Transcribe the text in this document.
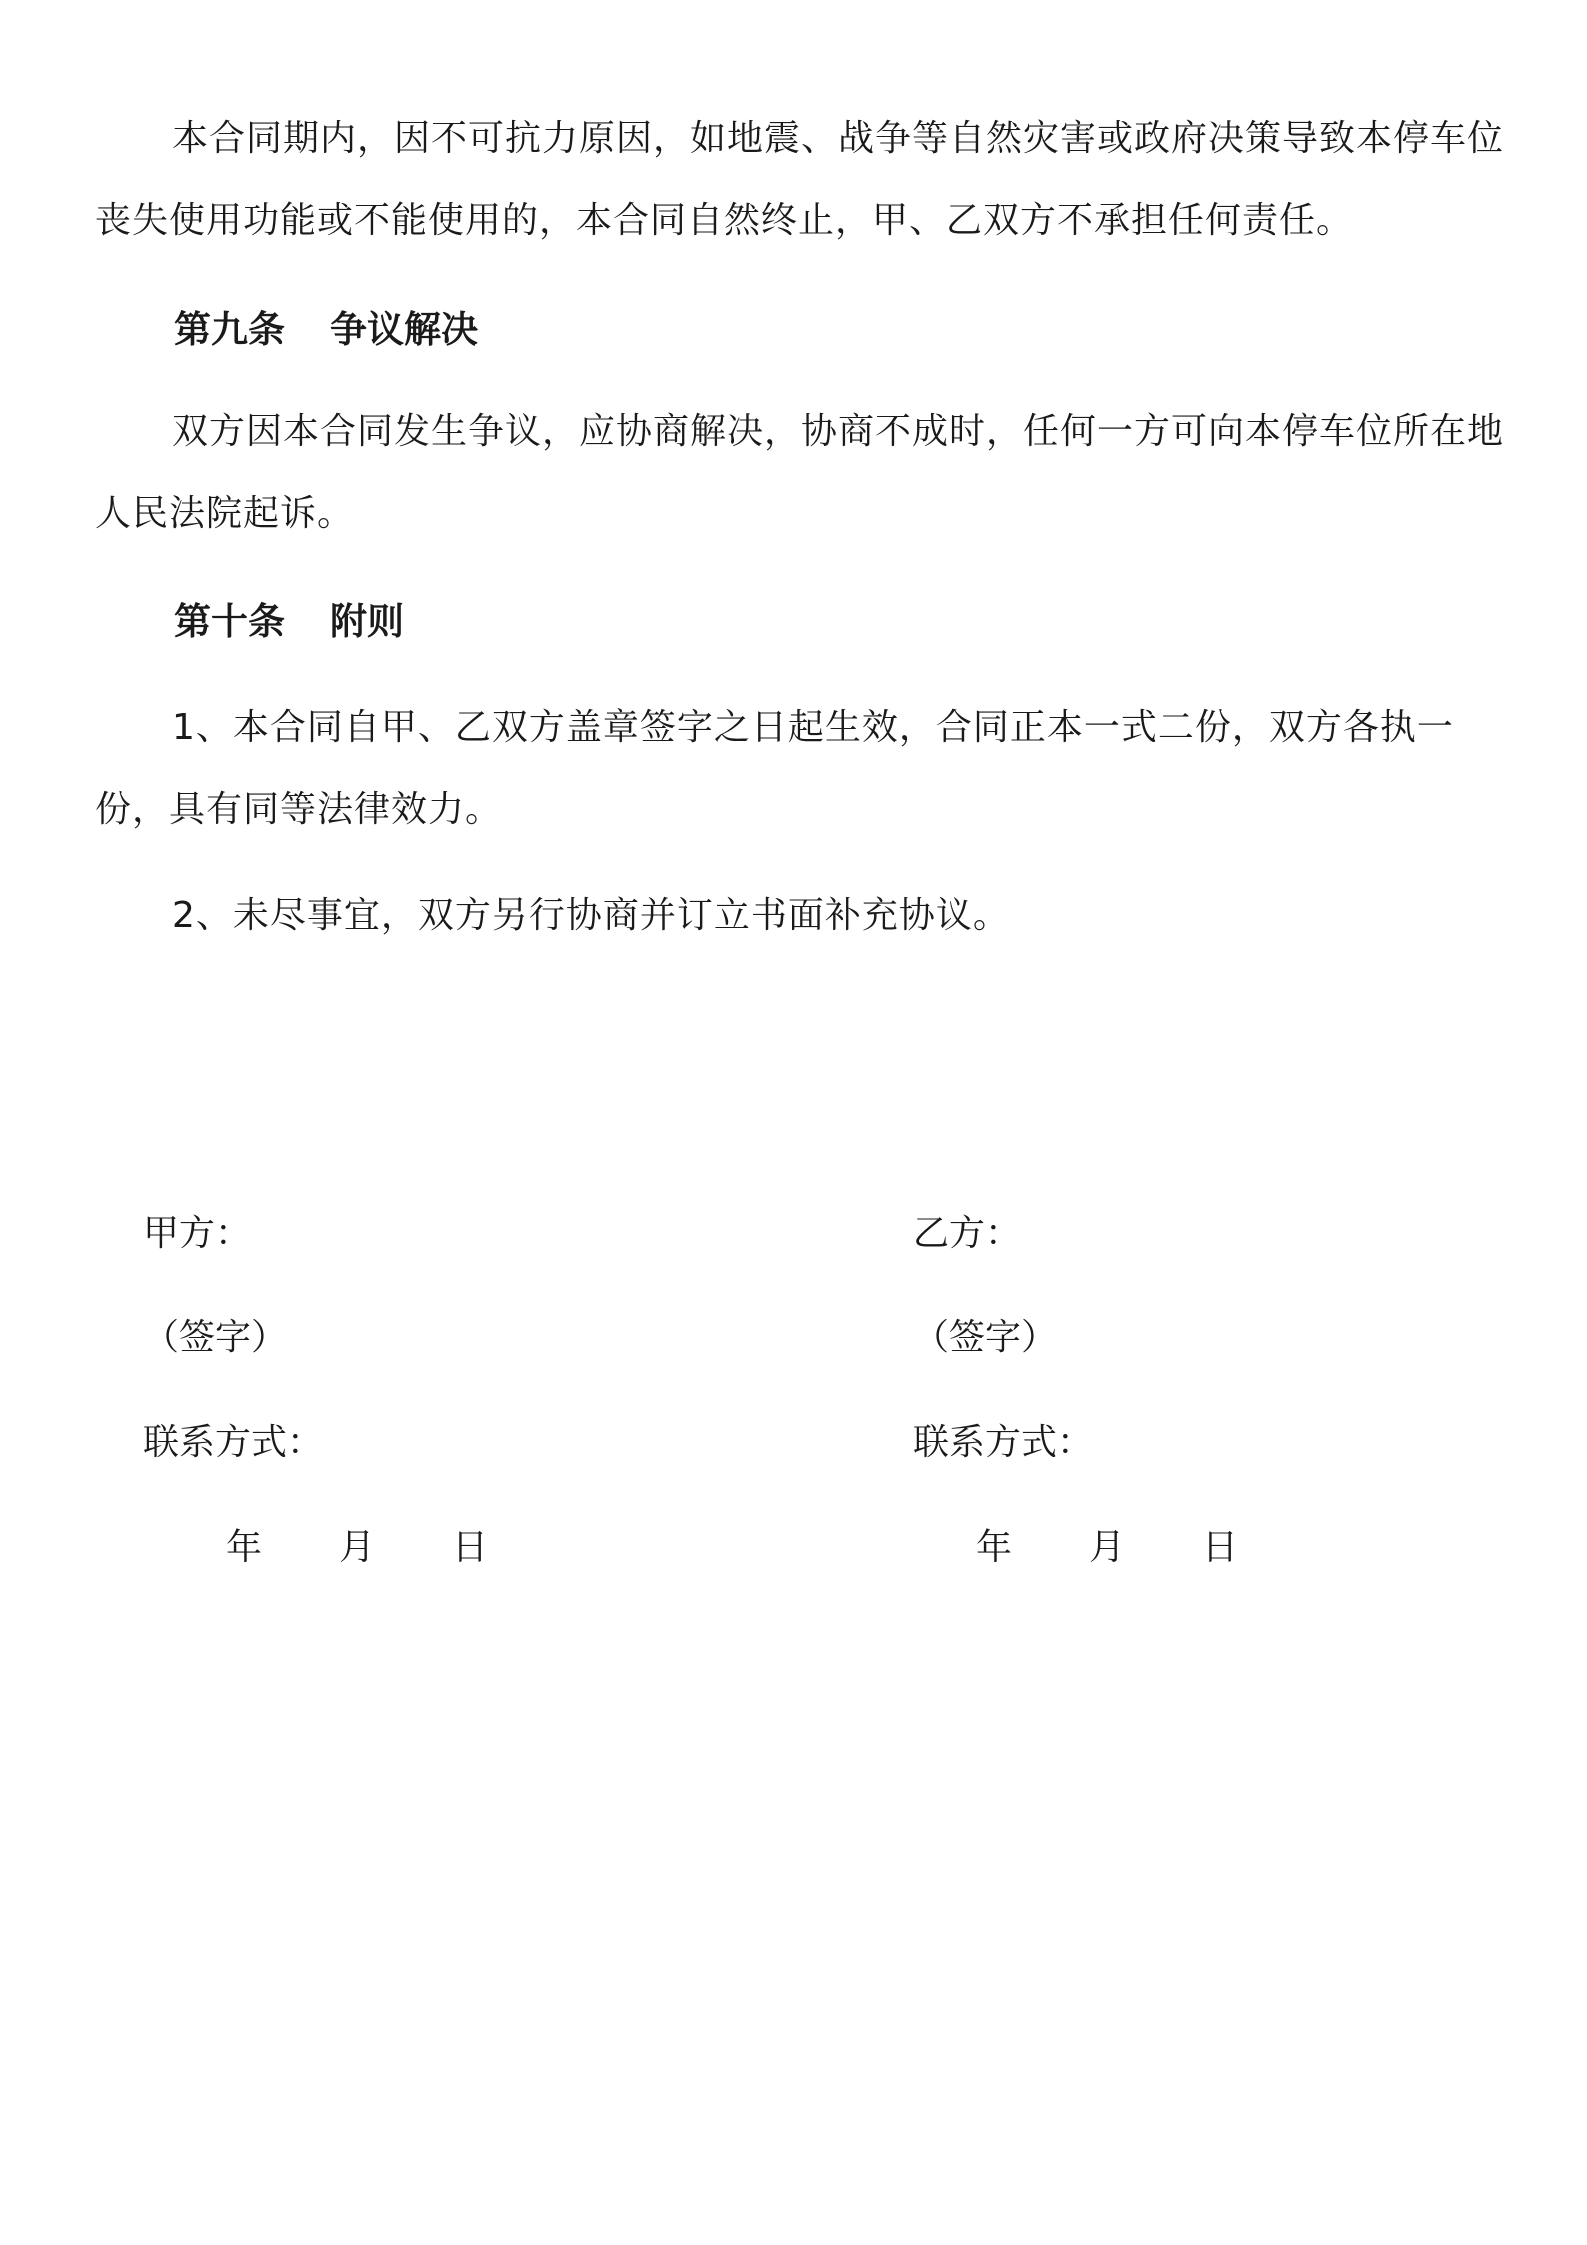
本合同期内，因不可抗力原因，如地震、战争等自然灾害或政府决策导致本停车位丧失使用功能或不能使用的，本合同自然终止，甲、乙双方不承担任何责任。

第九条 争议解决

双方因本合同发生争议，应协商解决，协商不成时，任何一方可向本停车位所在地人民法院起诉。

第十条 附则

1、本合同自甲、乙双方盖章签字之日起生效，合同正本一式二份，双方各执一份，具有同等法律效力。

2、未尽事宜，双方另行协商并订立书面补充协议。

甲方：
（签字）
联系方式：
年 月 日
乙方：
（签字）
联系方式：
年 月 日
